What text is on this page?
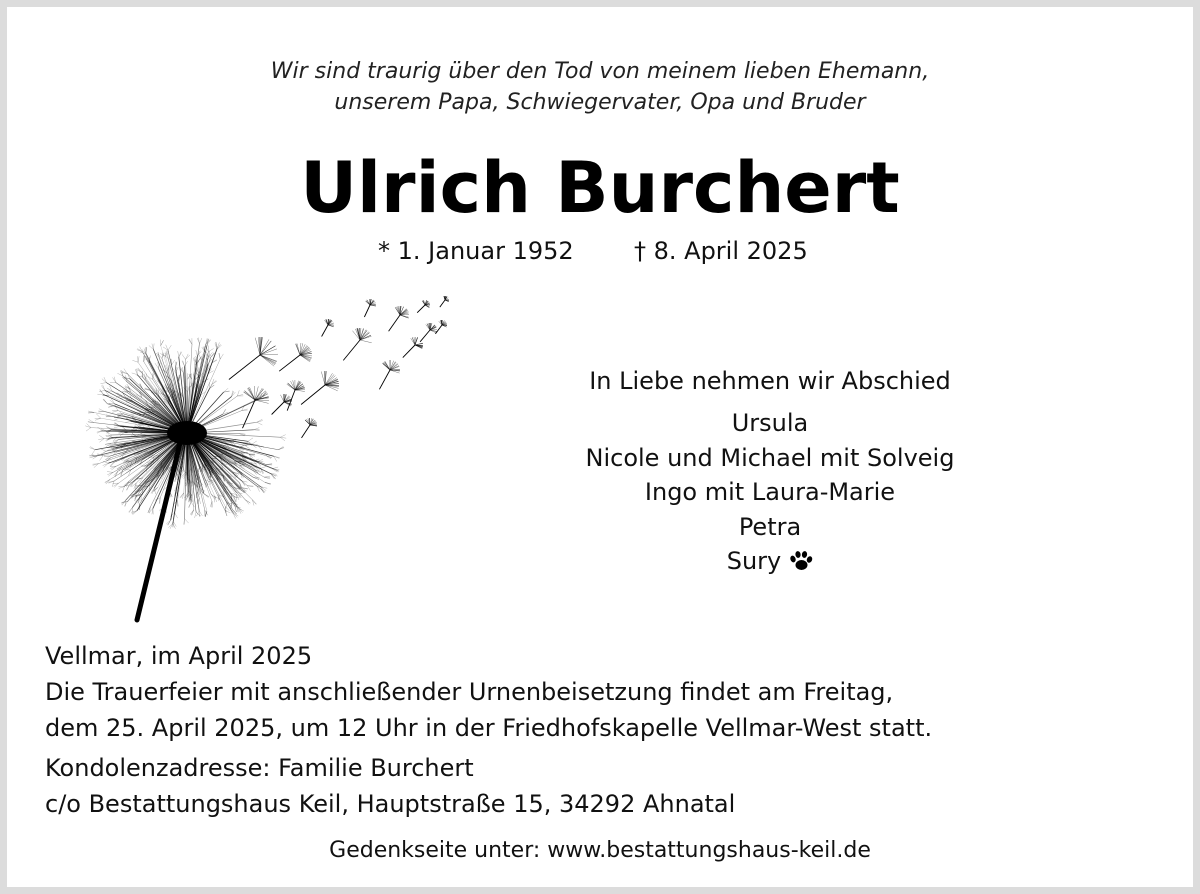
Wir sind traurig über den Tod von meinem lieben Ehemann,
unserem Papa, Schwiegervater, Opa und Bruder
Ulrich Burchert
* 1. Januar 1952	† 8. April 2025
In Liebe nehmen wir Abschied
Ursula
Nicole und Michael mit Solveig
Ingo mit Laura-Marie
Petra
Sury
Vellmar, im April 2025
Die Trauerfeier mit anschließender Urnenbeisetzung findet am Freitag,
dem 25. April 2025, um 12 Uhr in der Friedhofskapelle Vellmar-West statt.
Kondolenzadresse: Familie Burchert
c/o Bestattungshaus Keil, Hauptstraße 15, 34292 Ahnatal
Gedenkseite unter: www.bestattungshaus-keil.de
